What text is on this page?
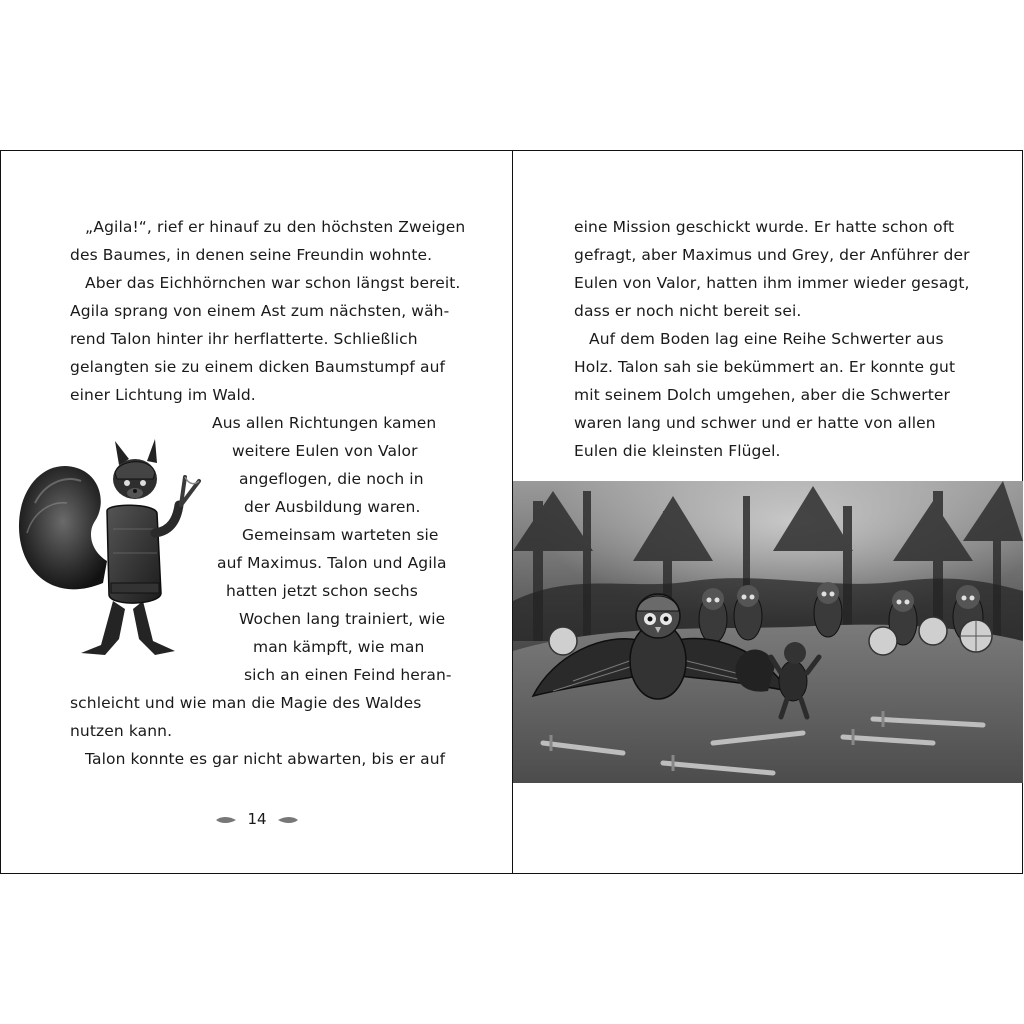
„Agila!“, rief er hinauf zu den höchsten Zweigen
des Baumes, in denen seine Freundin wohnte.
Aber das Eichhörnchen war schon längst bereit.
Agila sprang von einem Ast zum nächsten, wäh-
rend Talon hinter ihr herflatterte. Schließlich
gelangten sie zu einem dicken Baumstumpf auf
einer Lichtung im Wald.
Aus allen Richtungen kamen
weitere Eulen von Valor
angeflogen, die noch in
der Ausbildung waren.
Gemeinsam warteten sie
auf Maximus. Talon und Agila
hatten jetzt schon sechs
Wochen lang trainiert, wie
man kämpft, wie man
sich an einen Feind heran-
schleicht und wie man die Magie des Waldes
nutzen kann.
Talon konnte es gar nicht abwarten, bis er auf
14
eine Mission geschickt wurde. Er hatte schon oft
gefragt, aber Maximus und Grey, der Anführer der
Eulen von Valor, hatten ihm immer wieder gesagt,
dass er noch nicht bereit sei.
Auf dem Boden lag eine Reihe Schwerter aus
Holz. Talon sah sie bekümmert an. Er konnte gut
mit seinem Dolch umgehen, aber die Schwerter
waren lang und schwer und er hatte von allen
Eulen die kleinsten Flügel.
